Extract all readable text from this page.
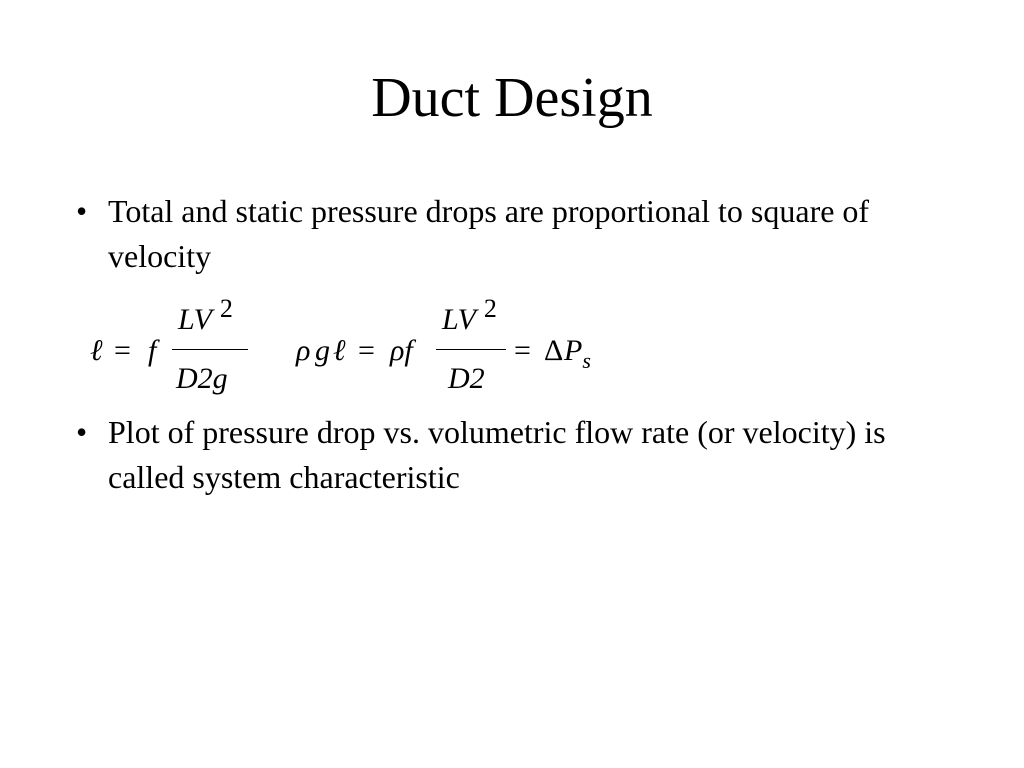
Duct Design
• Total and static pressure drops are proportional to square of velocity
ℓ = f
LV 2
D2g
ρ g ℓ = ρf
LV 2
D2
= Δ $P_s$
• Plot of pressure drop vs. volumetric flow rate (or velocity) is called system characteristic
